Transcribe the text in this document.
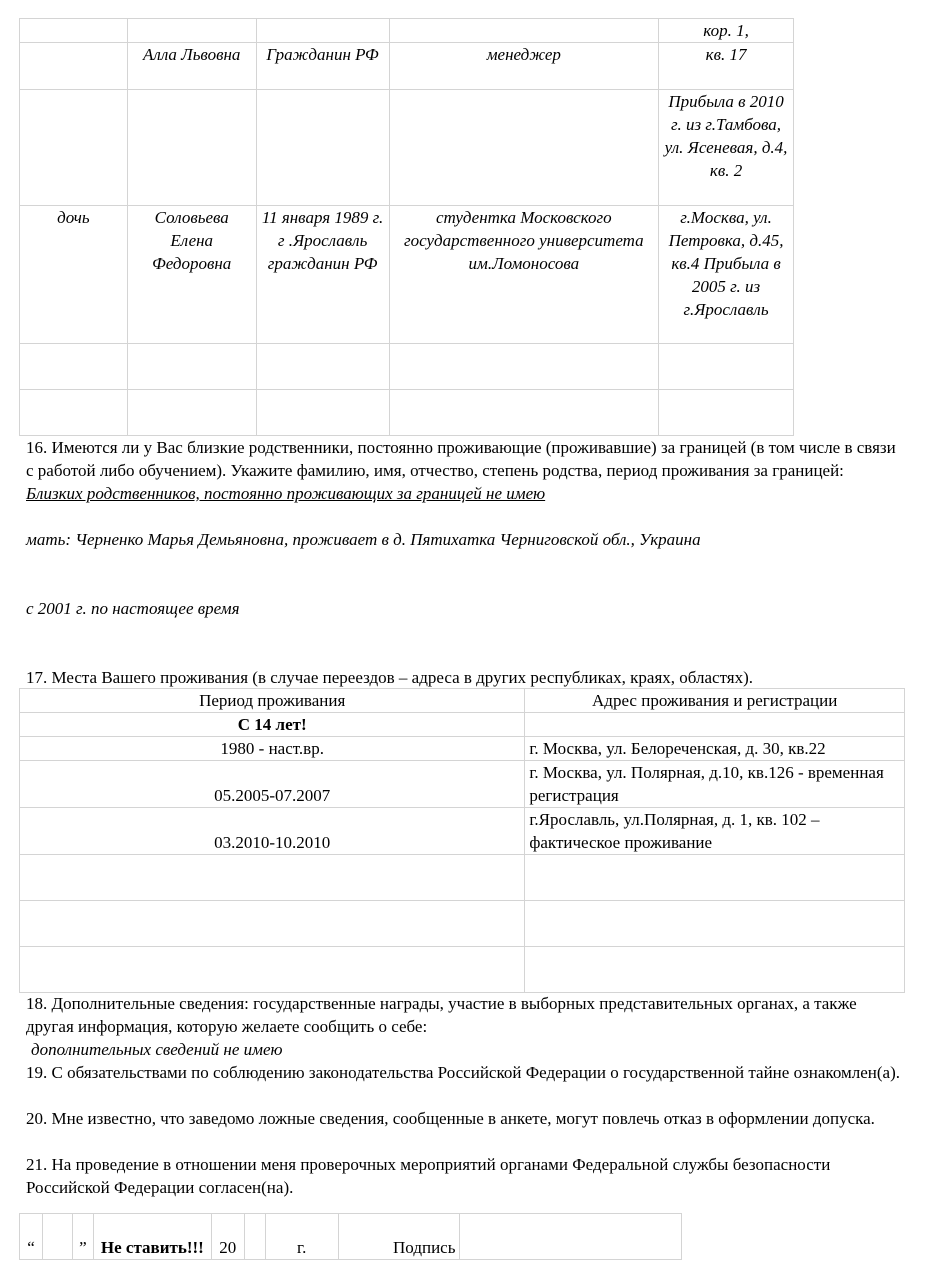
				кор. 1,
	Алла Львовна	Гражданин РФ	менеджер	кв. 17
				Прибыла в 2010 г. из г.Тамбова, ул. Ясеневая, д.4, кв. 2
дочь	Соловьева Елена Федоровна	11 января 1989 г. г .Ярославль гражданин РФ	студентка Московского государственного университета им.Ломоносова	г.Москва, ул. Петровка, д.45, кв.4 Прибыла в 2005 г. из г.Ярославль

16. Имеются ли у Вас близкие родственники, постоянно проживающие (проживавшие) за границей (в том числе в связи с работой либо обучением). Укажите фамилию, имя, отчество, степень родства, период проживания за границей:  Близких родственников, постоянно проживающих за границей не имею
мать: Черненко Марья Демьяновна, проживает в д. Пятихатка Черниговской обл., Украина
с 2001 г. по настоящее время
17. Места Вашего проживания (в случае переездов – адреса в других республиках, краях, областях).
Период проживания	Адрес проживания и регистрации
С 14 лет!	
1980 - наст.вр.	г. Москва, ул. Белореченская, д. 30, кв.22
05.2005-07.2007	г. Москва, ул. Полярная, д.10, кв.126 - временная регистрация
03.2010-10.2010	г.Ярославль, ул.Полярная, д. 1, кв. 102 – фактическое проживание

18. Дополнительные сведения: государственные награды, участие в выборных представительных органах, а также другая информация, которую желаете сообщить о себе:
дополнительных сведений не имею
19. С обязательствами по соблюдению законодательства Российской Федерации о государственной тайне ознакомлен(а).
20. Мне известно, что заведомо ложные сведения, сообщенные в анкете, могут повлечь отказ в оформлении допуска.
21. На проведение в отношении меня проверочных мероприятий органами Федеральной службы безопасности Российской Федерации согласен(на).
“		”	Не ставить!!!	20		г.	Подпись	
